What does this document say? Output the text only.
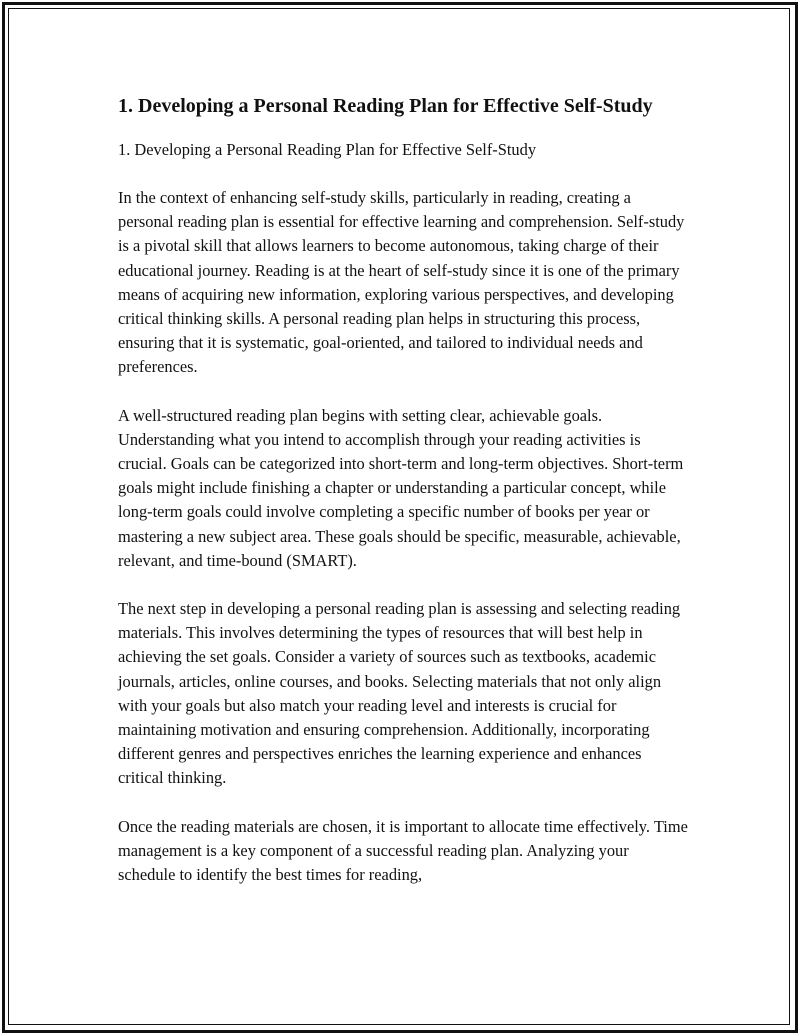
1. Developing a Personal Reading Plan for Effective Self-Study

1. Developing a Personal Reading Plan for Effective Self-Study

In the context of enhancing self-study skills, particularly in reading, creating a personal reading plan is essential for effective learning and comprehension. Self-study is a pivotal skill that allows learners to become autonomous, taking charge of their educational journey. Reading is at the heart of self-study since it is one of the primary means of acquiring new information, exploring various perspectives, and developing critical thinking skills. A personal reading plan helps in structuring this process, ensuring that it is systematic, goal-oriented, and tailored to individual needs and preferences.

A well-structured reading plan begins with setting clear, achievable goals. Understanding what you intend to accomplish through your reading activities is crucial. Goals can be categorized into short-term and long-term objectives. Short-term goals might include finishing a chapter or understanding a particular concept, while long-term goals could involve completing a specific number of books per year or mastering a new subject area. These goals should be specific, measurable, achievable, relevant, and time-bound (SMART).

The next step in developing a personal reading plan is assessing and selecting reading materials. This involves determining the types of resources that will best help in achieving the set goals. Consider a variety of sources such as textbooks, academic journals, articles, online courses, and books. Selecting materials that not only align with your goals but also match your reading level and interests is crucial for maintaining motivation and ensuring comprehension. Additionally, incorporating different genres and perspectives enriches the learning experience and enhances critical thinking.

Once the reading materials are chosen, it is important to allocate time effectively. Time management is a key component of a successful reading plan. Analyzing your schedule to identify the best times for reading,
